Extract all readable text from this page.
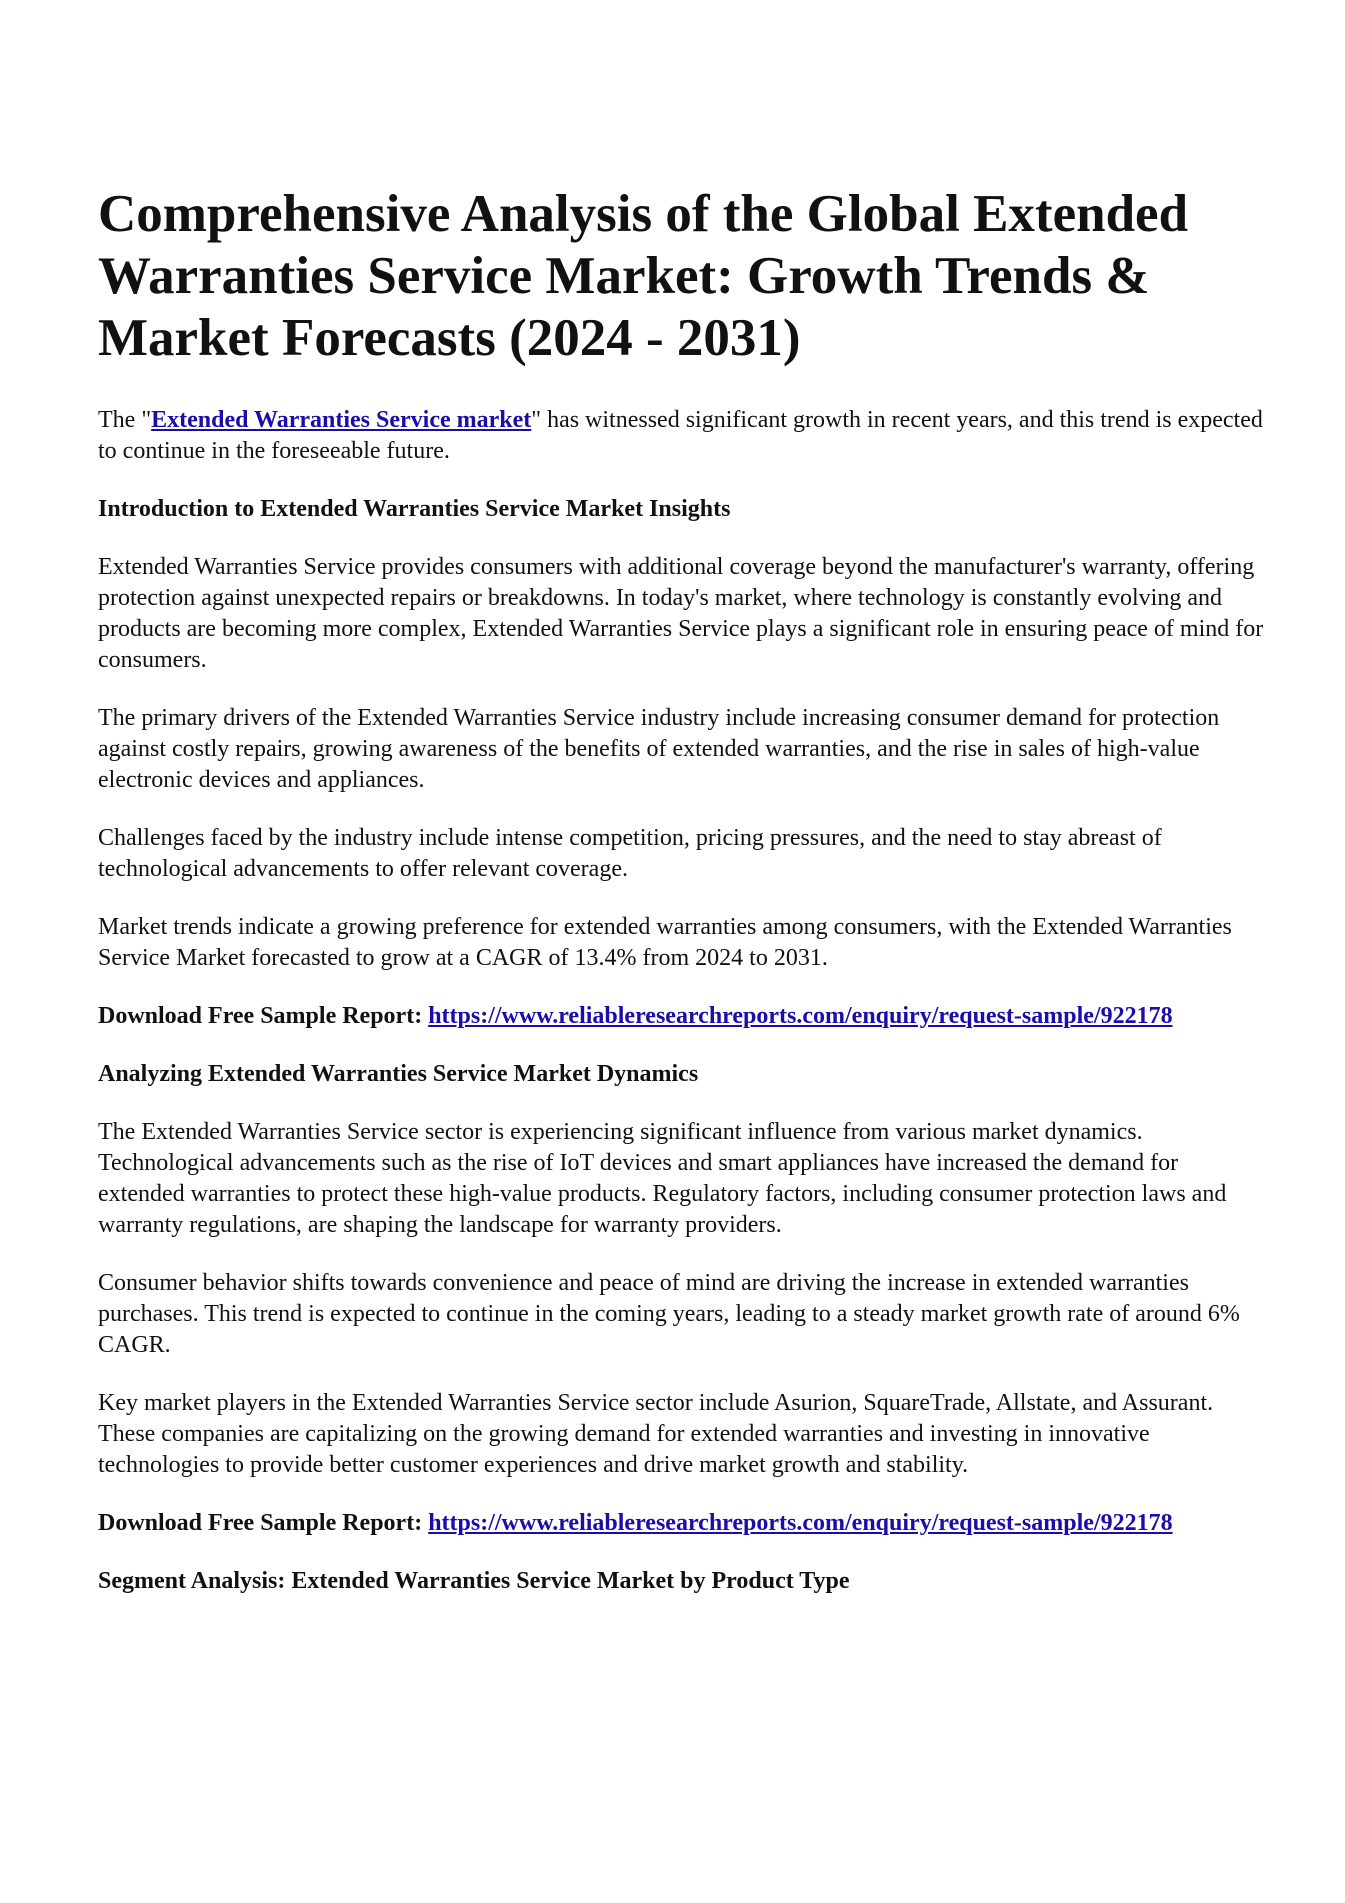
Comprehensive Analysis of the Global Extended Warranties Service Market: Growth Trends & Market Forecasts (2024 - 2031)

The "Extended Warranties Service market" has witnessed significant growth in recent years, and this trend is expected to continue in the foreseeable future.

Introduction to Extended Warranties Service Market Insights

Extended Warranties Service provides consumers with additional coverage beyond the manufacturer's warranty, offering protection against unexpected repairs or breakdowns. In today's market, where technology is constantly evolving and products are becoming more complex, Extended Warranties Service plays a significant role in ensuring peace of mind for consumers.

The primary drivers of the Extended Warranties Service industry include increasing consumer demand for protection against costly repairs, growing awareness of the benefits of extended warranties, and the rise in sales of high-value electronic devices and appliances.

Challenges faced by the industry include intense competition, pricing pressures, and the need to stay abreast of technological advancements to offer relevant coverage.

Market trends indicate a growing preference for extended warranties among consumers, with the Extended Warranties Service Market forecasted to grow at a CAGR of 13.4% from 2024 to 2031.

Download Free Sample Report: https://www.reliableresearchreports.com/enquiry/request-sample/922178

Analyzing Extended Warranties Service Market Dynamics

The Extended Warranties Service sector is experiencing significant influence from various market dynamics. Technological advancements such as the rise of IoT devices and smart appliances have increased the demand for extended warranties to protect these high-value products. Regulatory factors, including consumer protection laws and warranty regulations, are shaping the landscape for warranty providers.

Consumer behavior shifts towards convenience and peace of mind are driving the increase in extended warranties purchases. This trend is expected to continue in the coming years, leading to a steady market growth rate of around 6% CAGR.

Key market players in the Extended Warranties Service sector include Asurion, SquareTrade, Allstate, and Assurant. These companies are capitalizing on the growing demand for extended warranties and investing in innovative technologies to provide better customer experiences and drive market growth and stability.

Download Free Sample Report: https://www.reliableresearchreports.com/enquiry/request-sample/922178

Segment Analysis: Extended Warranties Service Market by Product Type
